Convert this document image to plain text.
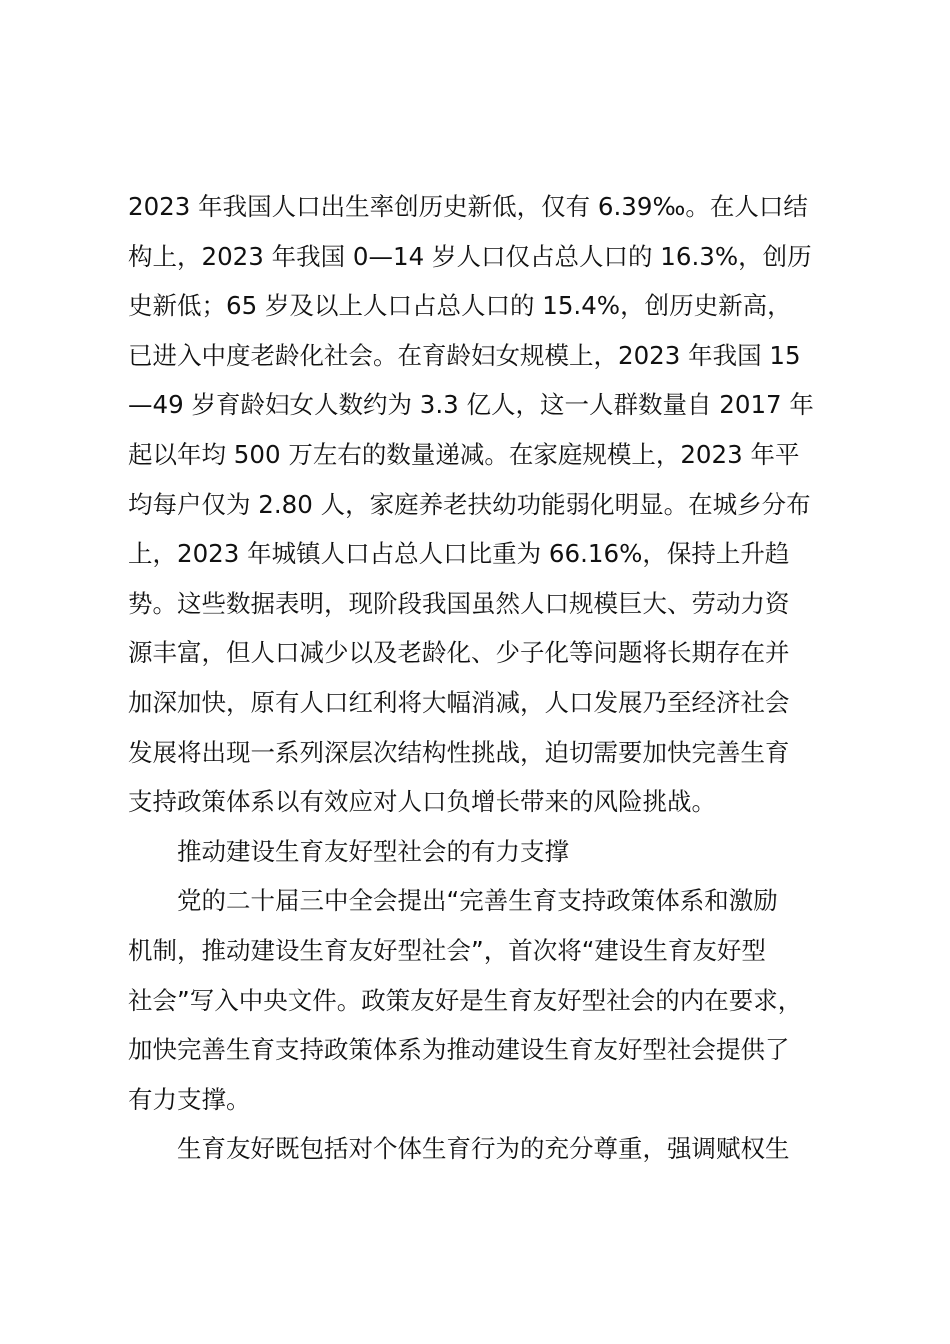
2023 年我国人口出生率创历史新低，仅有 6.39‰。在人口结
构上，2023 年我国 0—14 岁人口仅占总人口的 16.3%，创历
史新低；65 岁及以上人口占总人口的 15.4%，创历史新高，
已进入中度老龄化社会。在育龄妇女规模上，2023 年我国 15
—49 岁育龄妇女人数约为 3.3 亿人，这一人群数量自 2017 年
起以年均 500 万左右的数量递减。在家庭规模上，2023 年平
均每户仅为 2.80 人，家庭养老扶幼功能弱化明显。在城乡分布
上，2023 年城镇人口占总人口比重为 66.16%，保持上升趋
势。这些数据表明，现阶段我国虽然人口规模巨大、劳动力资
源丰富，但人口减少以及老龄化、少子化等问题将长期存在并
加深加快，原有人口红利将大幅消减，人口发展乃至经济社会
发展将出现一系列深层次结构性挑战，迫切需要加快完善生育
支持政策体系以有效应对人口负增长带来的风险挑战。
推动建设生育友好型社会的有力支撑
党的二十届三中全会提出“完善生育支持政策体系和激励
机制，推动建设生育友好型社会”，首次将“建设生育友好型
社会”写入中央文件。政策友好是生育友好型社会的内在要求，
加快完善生育支持政策体系为推动建设生育友好型社会提供了
有力支撑。
生育友好既包括对个体生育行为的充分尊重，强调赋权生
